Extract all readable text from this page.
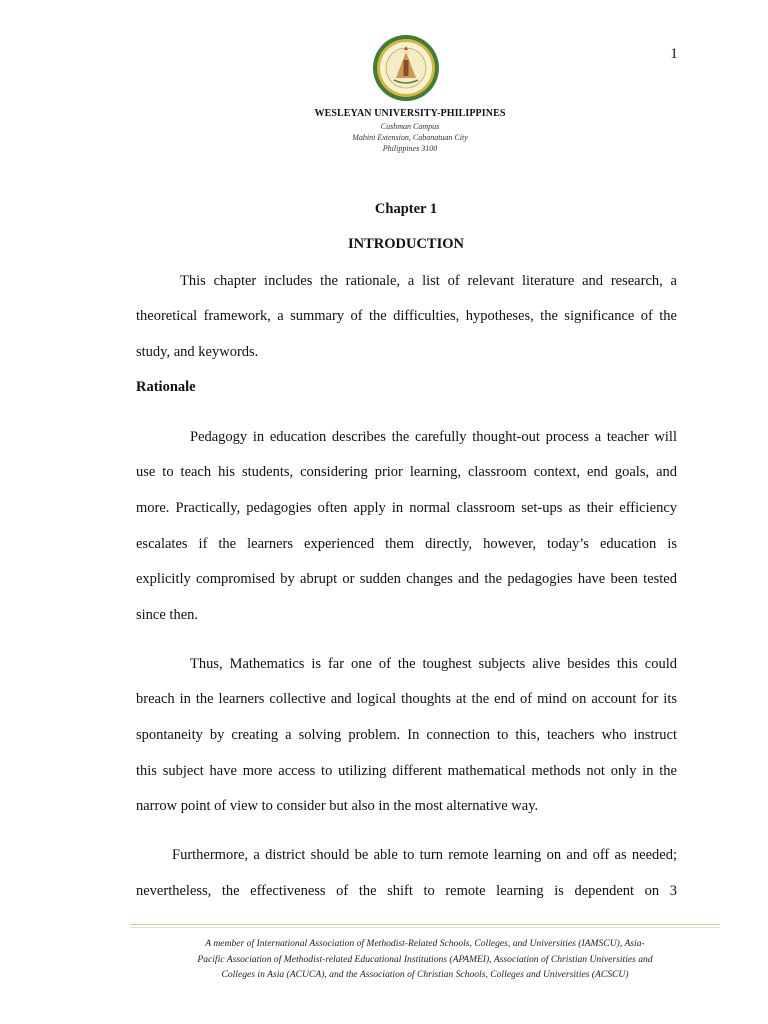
1
WESLEYAN UNIVERSITY-PHILIPPINES
Cushman Campus
Mabini Extension, Cabanatuan City
Philippines 3100
Chapter 1
INTRODUCTION
This chapter includes the rationale, a list of relevant literature and research, a
theoretical framework, a summary of the difficulties, hypotheses, the significance of the
study, and keywords.
Rationale
Pedagogy in education describes the carefully thought-out process a teacher will
use to teach his students, considering prior learning, classroom context, end goals, and
more. Practically, pedagogies often apply in normal classroom set-ups as their efficiency
escalates if the learners experienced them directly, however, today’s education is
explicitly compromised by abrupt or sudden changes and the pedagogies have been tested
since then.
Thus, Mathematics is far one of the toughest subjects alive besides this could
breach in the learners collective and logical thoughts at the end of mind on account for its
spontaneity by creating a solving problem. In connection to this, teachers who instruct
this subject have more access to utilizing different mathematical methods not only in the
narrow point of view to consider but also in the most alternative way.
Furthermore, a district should be able to turn remote learning on and off as needed;
nevertheless, the effectiveness of the shift to remote learning is dependent on 3
A member of International Association of Methodist-Related Schools, Colleges, and Universities (IAMSCU), Asia-
Pacific Association of Methodist-related Educational Institutions (APAMEI), Association of Christian Universities and
Colleges in Asia (ACUCA), and the Association of Christian Schools, Colleges and Universities (ACSCU)
